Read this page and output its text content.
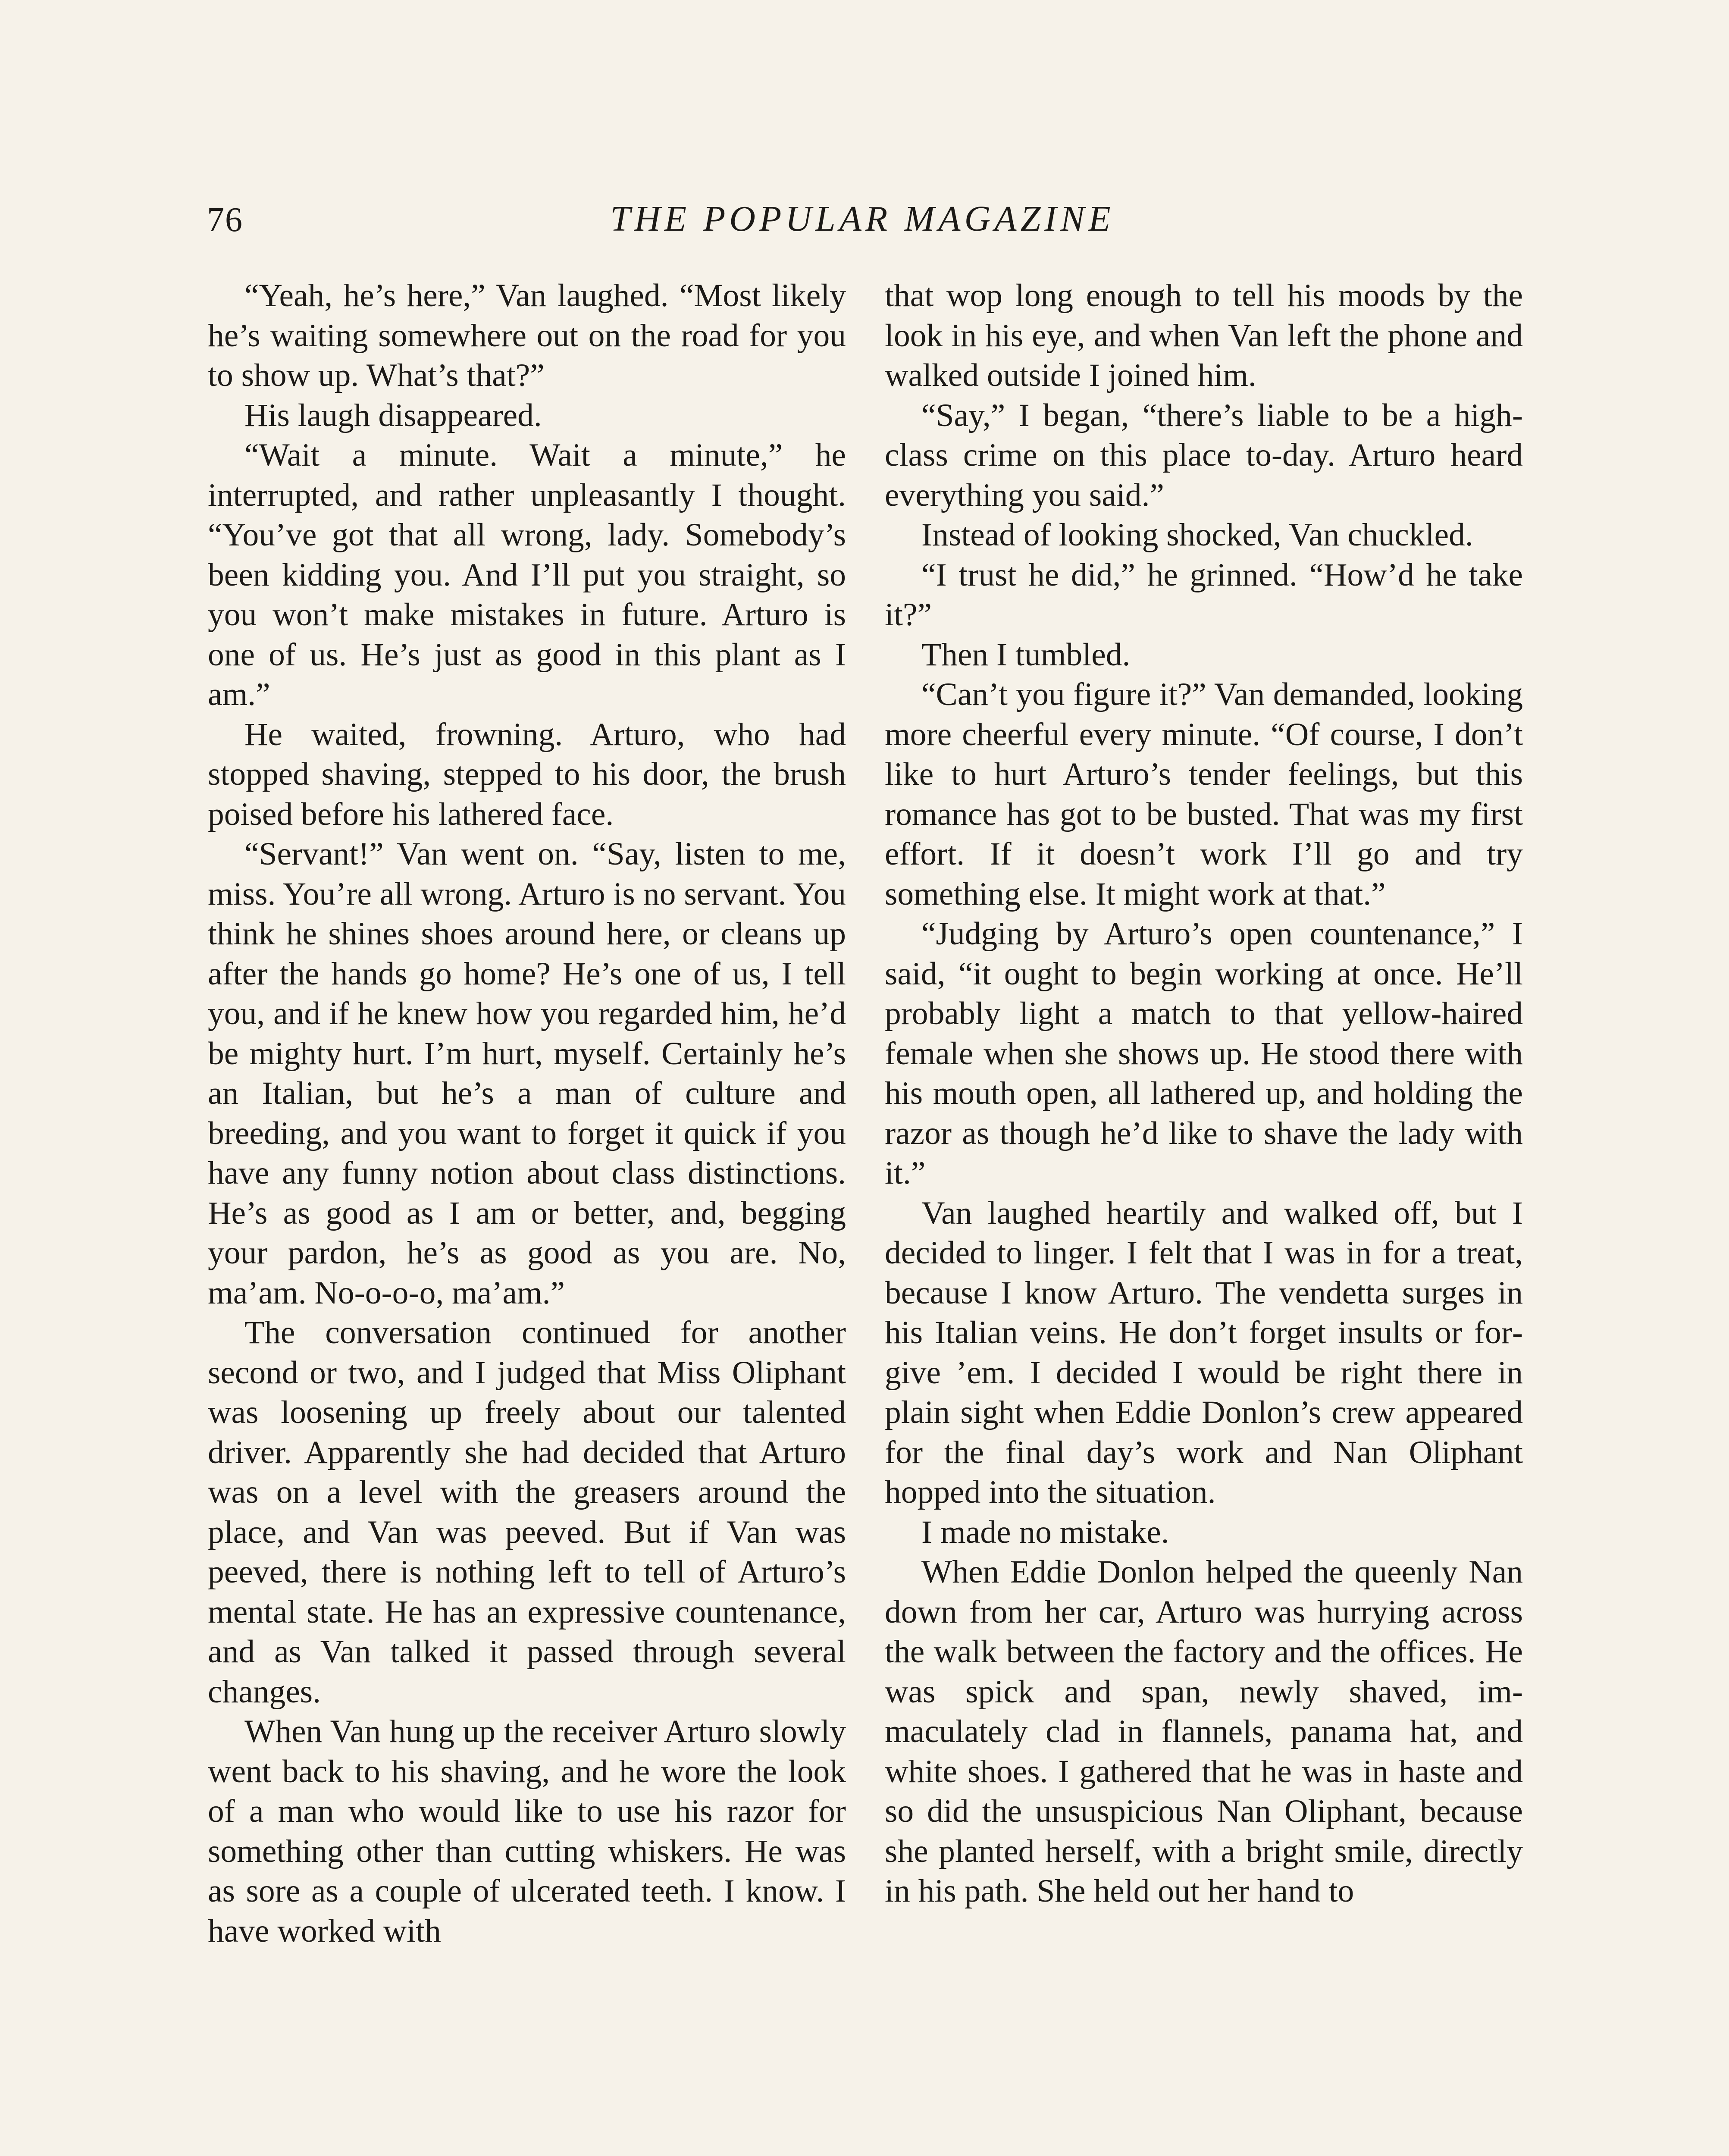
76	THE POPULAR MAGAZINE

“Yeah, he’s here,” Van laughed. “Most likely he’s waiting somewhere out on the road for you to show up. What’s that?”

His laugh disappeared.

“Wait a minute. Wait a minute,” he interrupted, and rather unpleasantly I thought. “You’ve got that all wrong, lady. Somebody’s been kidding you. And I’ll put you straight, so you won’t make mistakes in future. Arturo is one of us. He’s just as good in this plant as I am.”

He waited, frowning. Arturo, who had stopped shaving, stepped to his door, the brush poised before his lathered face.

“Servant!” Van went on. “Say, listen to me, miss. You’re all wrong. Arturo is no servant. You think he shines shoes around here, or cleans up after the hands go home? He’s one of us, I tell you, and if he knew how you regarded him, he’d be mighty hurt. I’m hurt, myself. Certainly he’s an Italian, but he’s a man of culture and breeding, and you want to forget it quick if you have any funny notion about class distinctions. He’s as good as I am or better, and, begging your pardon, he’s as good as you are. No, ma’am. No-o-o-o, ma’am.”

The conversation continued for another second or two, and I judged that Miss Oliphant was loosening up freely about our talented driver. Apparently she had decided that Arturo was on a level with the greasers around the place, and Van was peeved. But if Van was peeved, there is nothing left to tell of Arturo’s mental state. He has an expressive countenance, and as Van talked it passed through several changes.

When Van hung up the receiver Arturo slowly went back to his shaving, and he wore the look of a man who would like to use his razor for something other than cutting whiskers. He was as sore as a couple of ulcerated teeth. I know. I have worked with

that wop long enough to tell his moods by the look in his eye, and when Van left the phone and walked outside I joined him.

“Say,” I began, “there’s liable to be a high-class crime on this place to-day. Arturo heard everything you said.”

Instead of looking shocked, Van chuckled.

“I trust he did,” he grinned. “How’d he take it?”

Then I tumbled.

“Can’t you figure it?” Van demanded, looking more cheerful every minute. “Of course, I don’t like to hurt Arturo’s tender feelings, but this romance has got to be busted. That was my first effort. If it doesn’t work I’ll go and try something else. It might work at that.”

“Judging by Arturo’s open countenance,” I said, “it ought to begin working at once. He’ll probably light a match to that yellow-haired female when she shows up. He stood there with his mouth open, all lathered up, and holding the razor as though he’d like to shave the lady with it.”

Van laughed heartily and walked off, but I decided to linger. I felt that I was in for a treat, because I know Arturo. The vendetta surges in his Italian veins. He don’t forget insults or forgive ’em. I decided I would be right there in plain sight when Eddie Donlon’s crew appeared for the final day’s work and Nan Oliphant hopped into the situation.

I made no mistake.

When Eddie Donlon helped the queenly Nan down from her car, Arturo was hurrying across the walk between the factory and the offices. He was spick and span, newly shaved, immaculately clad in flannels, panama hat, and white shoes. I gathered that he was in haste and so did the unsuspicious Nan Oliphant, because she planted herself, with a bright smile, directly in his path. She held out her hand to
